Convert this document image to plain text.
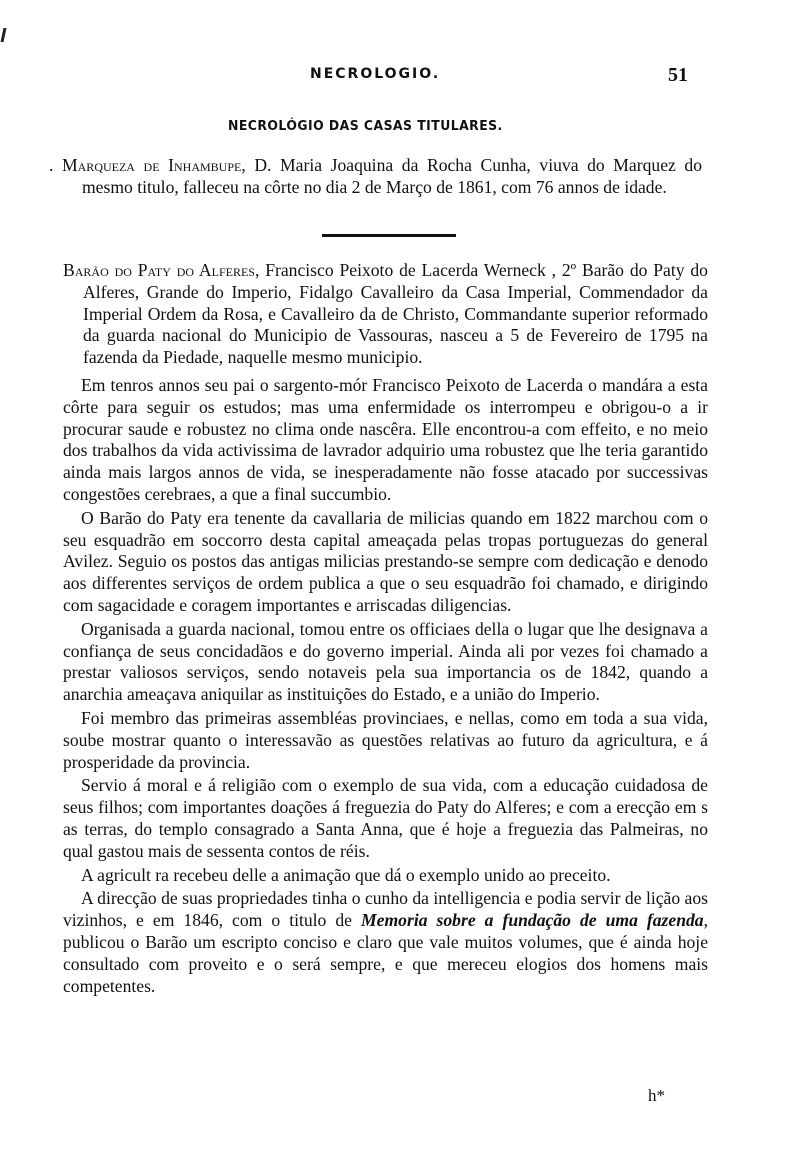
NECROLOGIO.	51
NECROLÓGIO DAS CASAS TITULARES.
. Marqueza de Inhambupe, D. Maria Joaquina da Rocha Cunha, viuva do Marquez do mesmo titulo, falleceu na côrte no dia 2 de Março de 1861, com 76 annos de idade.

Barão do Paty do Alferes, Francisco Peixoto de Lacerda Werneck , 2º Barão do Paty do Alferes, Grande do Imperio, Fidalgo Cavalleiro da Casa Imperial, Commendador da Imperial Ordem da Rosa, e Cavalleiro da de Christo, Commandante superior reformado da guarda nacional do Municipio de Vassouras, nasceu a 5 de Fevereiro de 1795 na fazenda da Piedade, naquelle mesmo municipio.

Em tenros annos seu pai o sargento-mór Francisco Peixoto de Lacerda o mandára a esta côrte para seguir os estudos; mas uma enfermidade os interrompeu e obrigou-o a ir procurar saude e robustez no clima onde nascêra. Elle encontrou-a com effeito, e no meio dos trabalhos da vida activissima de lavrador adquirio uma robustez que lhe teria garantido ainda mais largos annos de vida, se inesperadamente não fosse atacado por successivas congestões cerebraes, a que a final succumbio.

O Barão do Paty era tenente da cavallaria de milicias quando em 1822 marchou com o seu esquadrão em soccorro desta capital ameaçada pelas tropas portuguezas do general Avilez. Seguio os postos das antigas milicias prestando-se sempre com dedicação e denodo aos differentes serviços de ordem publica a que o seu esquadrão foi chamado, e dirigindo com sagacidade e coragem importantes e arriscadas diligencias.

Organisada a guarda nacional, tomou entre os officiaes della o lugar que lhe designava a confiança de seus concidadãos e do governo imperial. Ainda ali por vezes foi chamado a prestar valiosos serviços, sendo notaveis pela sua importancia os de 1842, quando a anarchia ameaçava aniquilar as instituições do Estado, e a união do Imperio.

Foi membro das primeiras assembléas provinciaes, e nellas, como em toda a sua vida, soube mostrar quanto o interessavão as questões relativas ao futuro da agricultura, e á prosperidade da provincia.

Servio á moral e á religião com o exemplo de sua vida, com a educação cuidadosa de seus filhos; com importantes doações á freguezia do Paty do Alferes; e com a erecção em s as terras, do templo consagrado a Santa Anna, que é hoje a freguezia das Palmeiras, no qual gastou mais de sessenta contos de réis.

A agricult ra recebeu delle a animação que dá o exemplo unido ao preceito.

A direcção de suas propriedades tinha o cunho da intelligencia e podia servir de lição aos vizinhos, e em 1846, com o titulo de Memoria sobre a fundação de uma fazenda, publicou o Barão um escripto conciso e claro que vale muitos volumes, que é ainda hoje consultado com proveito e o será sempre, e que mereceu elogios dos homens mais competentes.

h*
